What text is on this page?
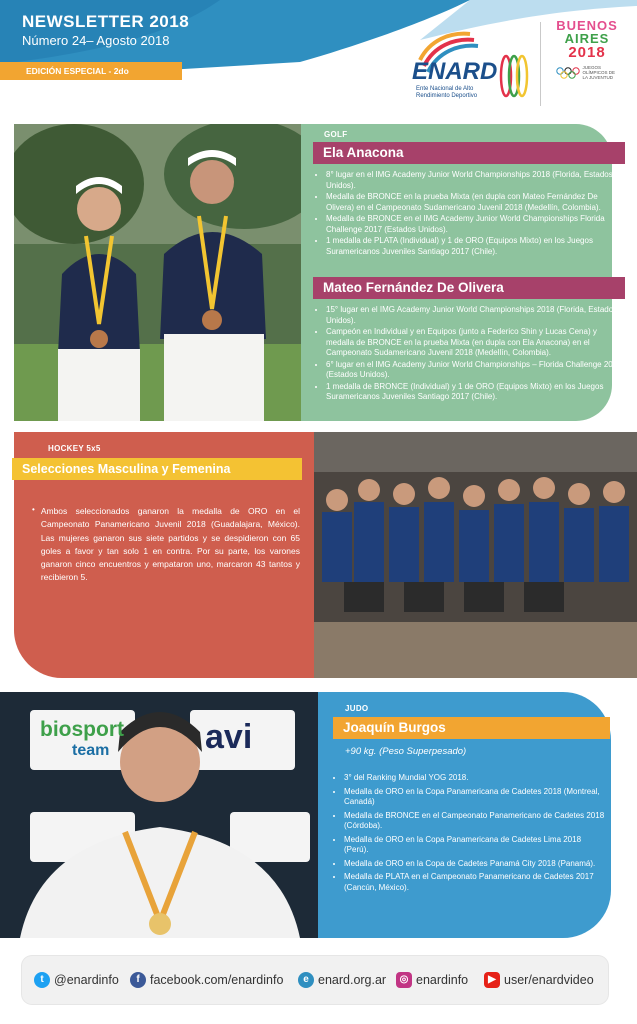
NEWSLETTER 2018
Número 24– Agosto 2018
EDICIÓN ESPECIAL - 2do ANIVERSARIO
ENARD
Ente Nacional de Alto
Rendimiento Deportivo
BUENOS
AIRES
2018
JUEGOS OLÍMPICOS DE LA JUVENTUD
GOLF
Ela Anacona
• 8° lugar en el IMG Academy Junior World Championships 2018 (Florida, Estados Unidos).
• Medalla de BRONCE en la prueba Mixta (en dupla con Mateo Fernández De Olivera) en el Campeonato Sudamericano Juvenil 2018 (Medellín, Colombia).
• Medalla de BRONCE en el IMG Academy Junior World Championships Florida Challenge 2017 (Estados Unidos).
• 1 medalla de PLATA (Individual) y 1 de ORO (Equipos Mixto) en los Juegos Suramericanos Juveniles Santiago 2017 (Chile).
Mateo Fernández De Olivera
• 15° lugar en el IMG Academy Junior World Championships 2018 (Florida, Estados Unidos).
• Campeón en Individual y en Equipos (junto a Federico Shin y Lucas Cena) y medalla de BRONCE en la prueba Mixta (en dupla con Ela Anacona) en el Campeonato Sudamericano Juvenil 2018 (Medellín, Colombia).
• 6° lugar en el IMG Academy Junior World Championships – Florida Challenge 2017 (Estados Unidos).
• 1 medalla de BRONCE (Individual) y 1 de ORO (Equipos Mixto) en los Juegos Suramericanos Juveniles Santiago 2017 (Chile).
HOCKEY 5x5
Selecciones Masculina y Femenina
• Ambos seleccionados ganaron la medalla de ORO en el Campeonato Panamericano Juvenil 2018 (Guadalajara, México). Las mujeres ganaron sus siete partidos y se despidieron con 65 goles a favor y tan solo 1 en contra. Por su parte, los varones ganaron cinco encuentros y empataron uno, marcaron 43 tantos y recibieron 5.
biosport
team	avi
JUDO
Joaquín Burgos
+90 kg. (Peso Superpesado)
• 3° del Ranking Mundial YOG 2018.
• Medalla de ORO en la Copa Panamericana de Cadetes 2018 (Montreal, Canadá)
• Medalla de BRONCE en el Campeonato Panamericano de Cadetes 2018 (Córdoba).
• Medalla de ORO en la Copa Panamericana de Cadetes Lima 2018 (Perú).
• Medalla de ORO en la Copa de Cadetes Panamá City 2018 (Panamá).
• Medalla de PLATA en el Campeonato Panamericano de Cadetes 2017 (Cancún, México).
t @enardinfo	f facebook.com/enardinfo	e enard.org.ar	◎ enardinfo	▶ user/enardvideo
